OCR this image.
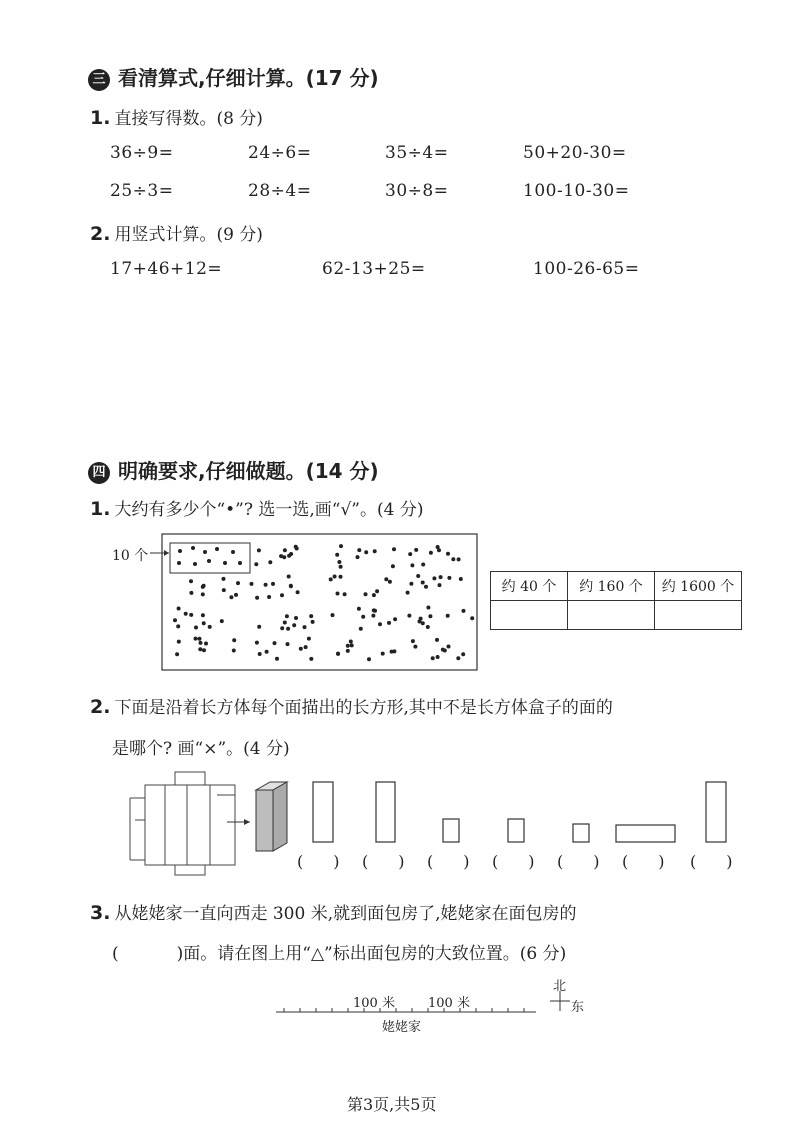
三 看清算式,仔细计算。(17 分)
1. 直接写得数。(8 分)
36÷9=	24÷6=	35÷4=	50+20-30=
25÷3=	28÷4=	30÷8=	100-10-30=
2. 用竖式计算。(9 分)
17+46+12=	62-13+25=	100-26-65=
四 明确要求,仔细做题。(14 分)
1. 大约有多少个“•”? 选一选,画“√”。(4 分)
10 个
约 40 个	约 160 个	约 1600 个

2. 下面是沿着长方体每个面描出的长方形,其中不是长方体盒子的面的
是哪个? 画“×”。(4 分)
( ) ( ) ( ) ( ) ( ) ( ) ( )
3. 从姥姥家一直向西走 300 米,就到面包房了,姥姥家在面包房的
(	)面。请在图上用“△”标出面包房的大致位置。(6 分)
100 米	100 米
姥姥家
北
东
第3页,共5页
